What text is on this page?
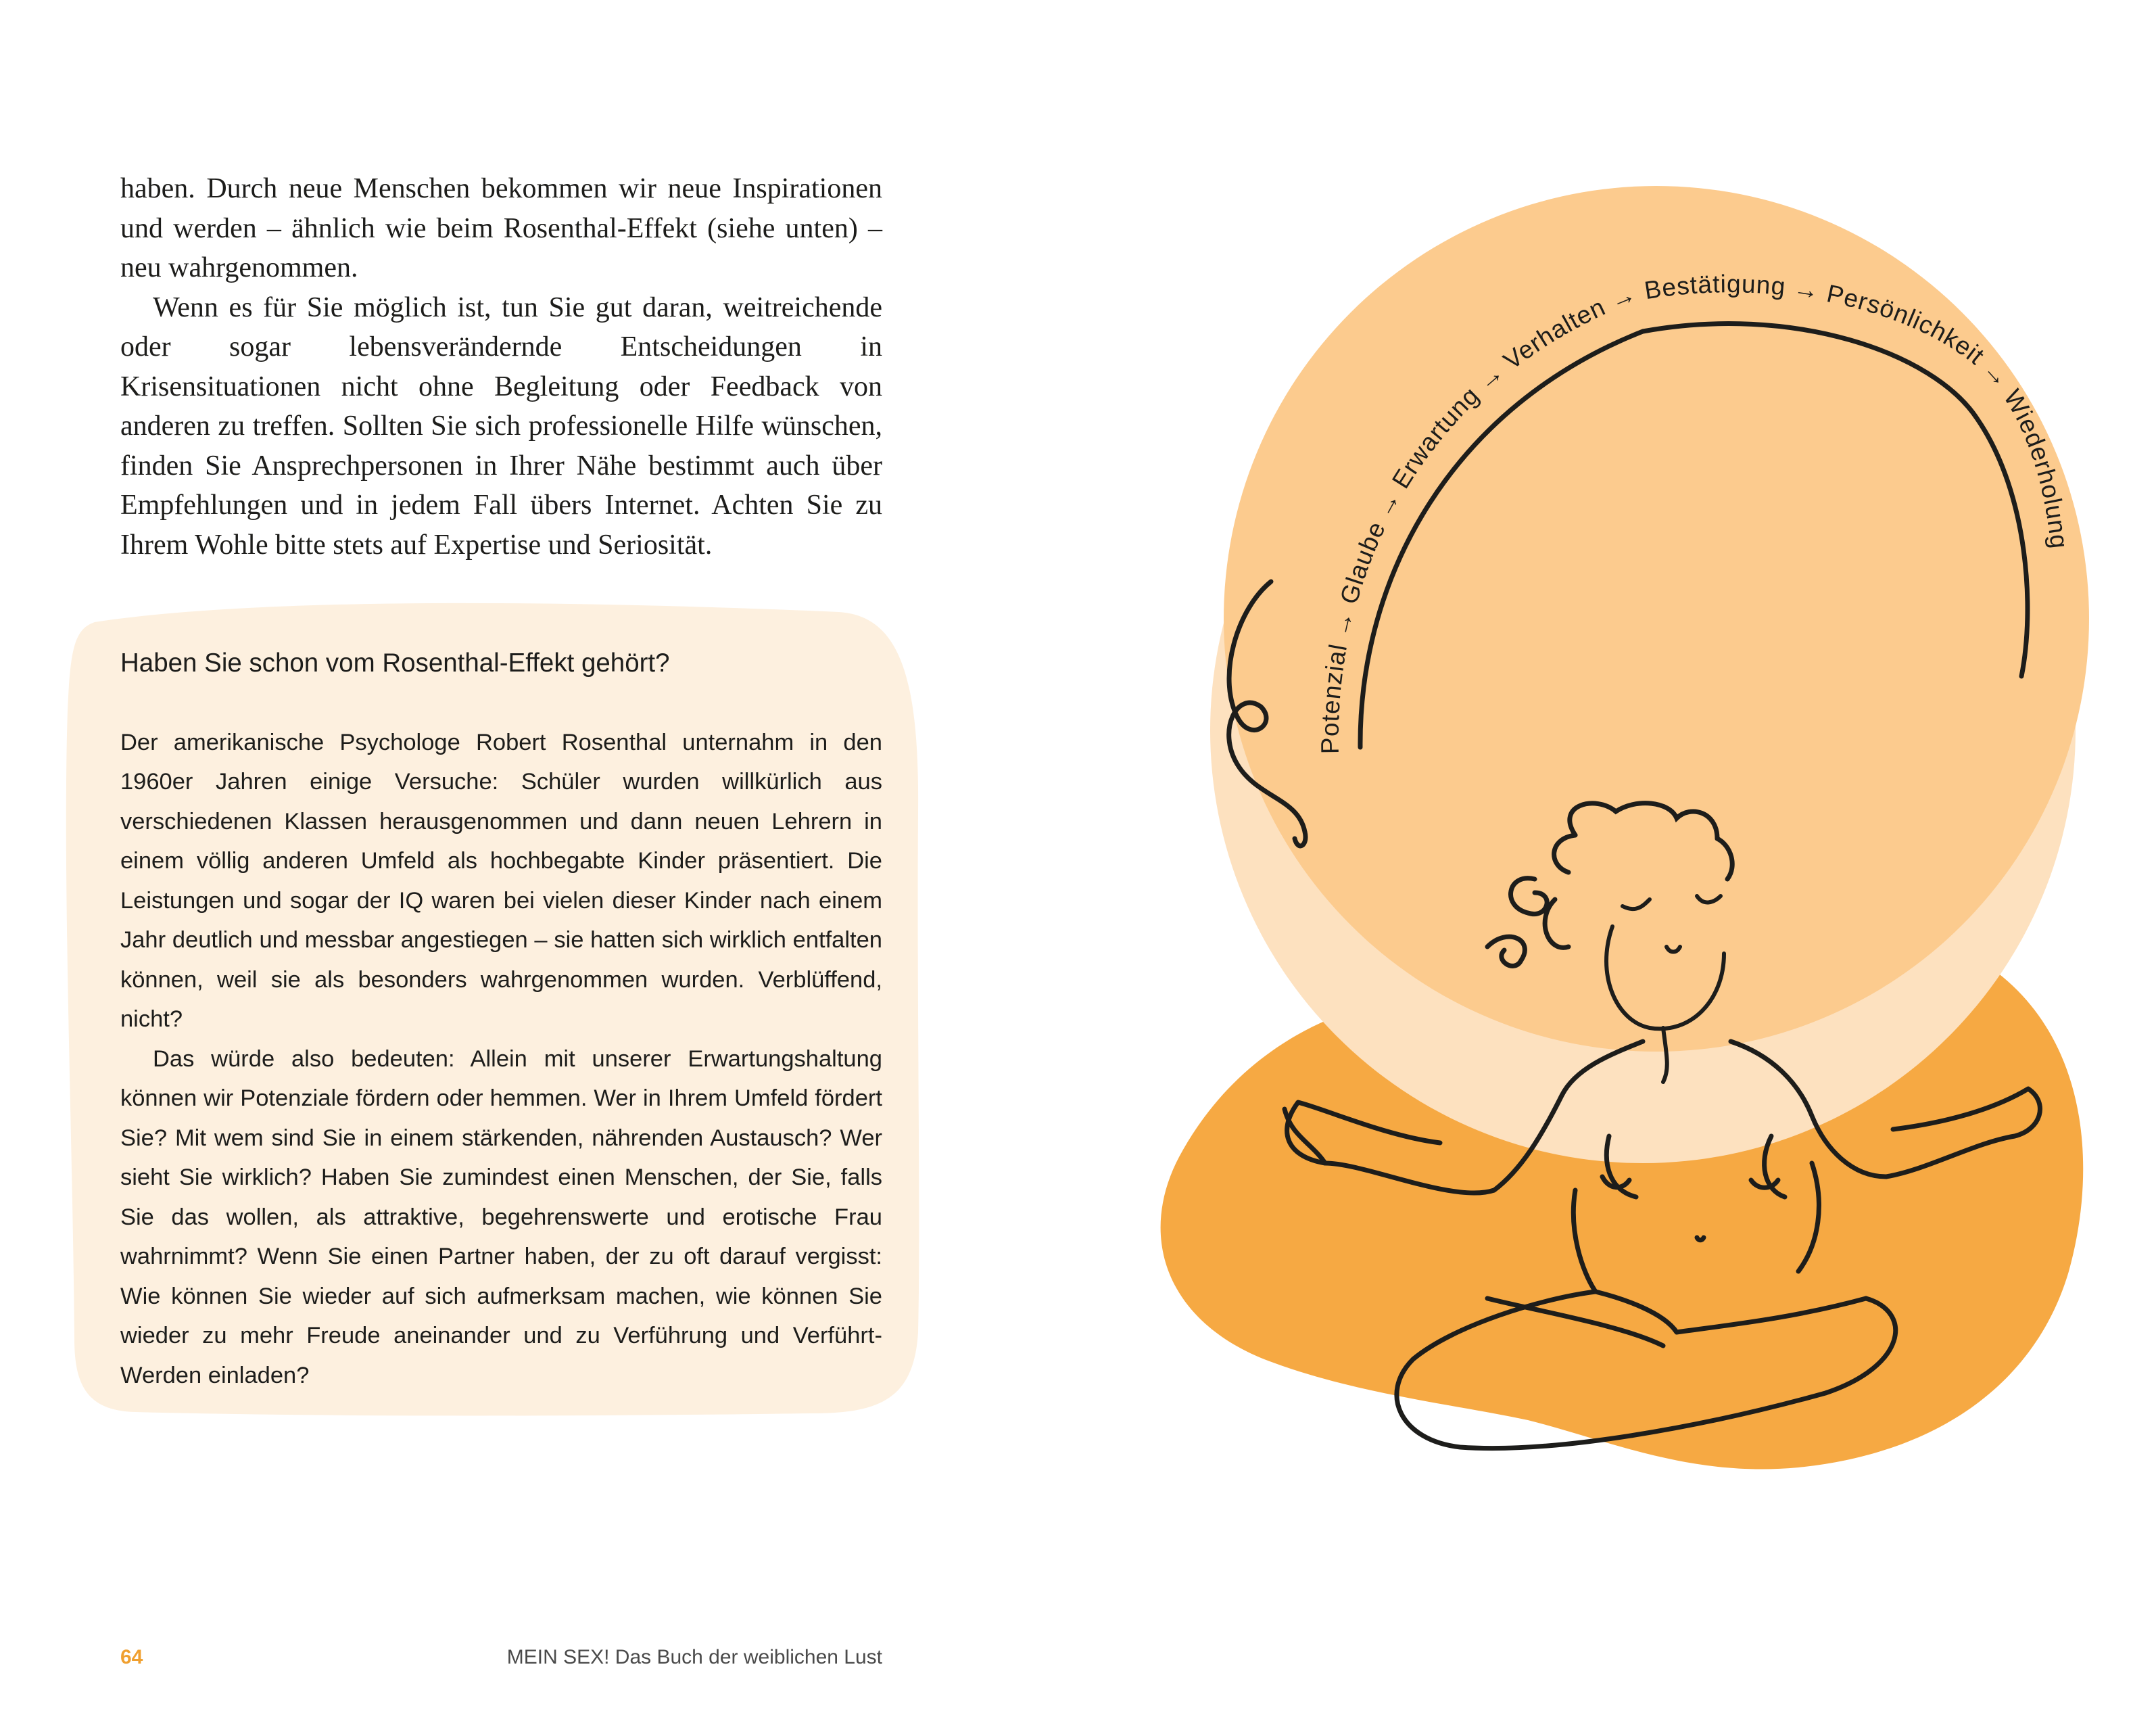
haben. Durch neue Menschen bekommen wir neue Inspirationen und werden – ähnlich wie beim Rosenthal-Effekt (siehe unten) – neu wahrgenommen.

Wenn es für Sie möglich ist, tun Sie gut daran, weitreichende oder sogar lebensverändernde Entscheidungen in Krisensituationen nicht ohne Begleitung oder Feedback von anderen zu treffen. Sollten Sie sich professionelle Hilfe wünschen, finden Sie Ansprechpersonen in Ihrer Nähe bestimmt auch über Empfehlungen und in jedem Fall übers Internet. Achten Sie zu Ihrem Wohle bitte stets auf Expertise und Seriosität.

Haben Sie schon vom Rosenthal-Effekt gehört?

Der amerikanische Psychologe Robert Rosenthal unternahm in den 1960er Jahren einige Versuche: Schüler wurden willkürlich aus verschiedenen Klassen herausgenommen und dann neuen Lehrern in einem völlig anderen Umfeld als hochbegabte Kinder präsentiert. Die Leistungen und sogar der IQ waren bei vielen dieser Kinder nach einem Jahr deutlich und messbar angestiegen – sie hatten sich wirklich entfalten können, weil sie als besonders wahrgenommen wurden. Verblüffend, nicht?

Das würde also bedeuten: Allein mit unserer Erwartungshaltung können wir Potenziale fördern oder hemmen. Wer in Ihrem Umfeld fördert Sie? Mit wem sind Sie in einem stärkenden, nährenden Austausch? Wer sieht Sie wirklich? Haben Sie zumindest einen Menschen, der Sie, falls Sie das wollen, als attraktive, begehrenswerte und erotische Frau wahrnimmt? Wenn Sie einen Partner haben, der zu oft darauf vergisst: Wie können Sie wieder auf sich aufmerksam machen, wie können Sie wieder zu mehr Freude aneinander und zu Verführung und Verführt-Werden einladen?

Potenzial → Glaube → Erwartung → Verhalten → Bestätigung → Persönlichkeit → Wiederholung
64	MEIN SEX! Das Buch der weiblichen Lust
